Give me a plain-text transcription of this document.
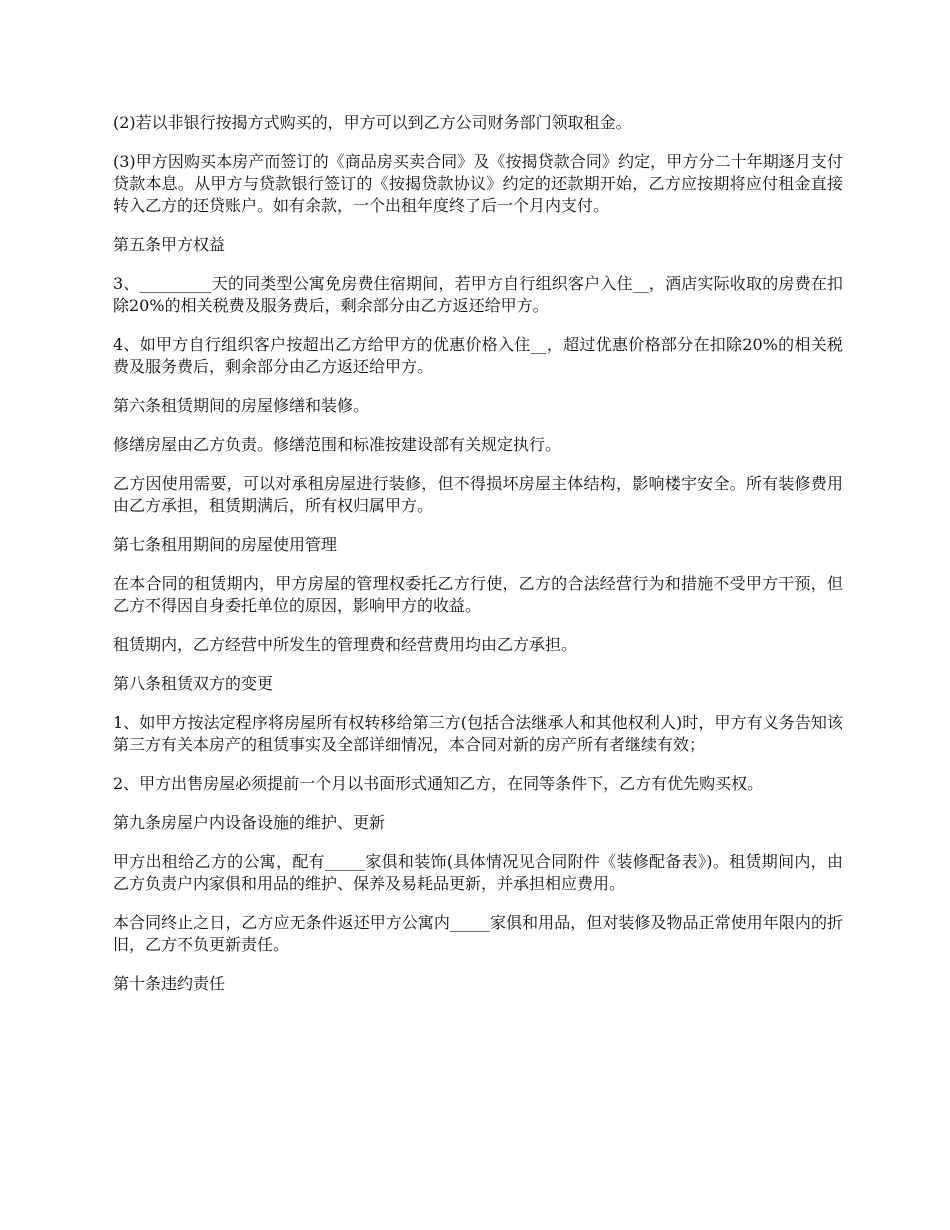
(2)若以非银行按揭方式购买的，甲方可以到乙方公司财务部门领取租金。

(3)甲方因购买本房产而签订的《商品房买卖合同》及《按揭贷款合同》约定，甲方分二十年期逐月支付贷款本息。从甲方与贷款银行签订的《按揭贷款协议》约定的还款期开始，乙方应按期将应付租金直接转入乙方的还贷账户。如有余款，一个出租年度终了后一个月内支付。

第五条甲方权益

3、_________天的同类型公寓免房费住宿期间，若甲方自行组织客户入住__，酒店实际收取的房费在扣除20%的相关税费及服务费后，剩余部分由乙方返还给甲方。

4、如甲方自行组织客户按超出乙方给甲方的优惠价格入住__，超过优惠价格部分在扣除20%的相关税费及服务费后，剩余部分由乙方返还给甲方。

第六条租赁期间的房屋修缮和装修。

修缮房屋由乙方负责。修缮范围和标准按建设部有关规定执行。

乙方因使用需要，可以对承租房屋进行装修，但不得损坏房屋主体结构，影响楼宇安全。所有装修费用由乙方承担，租赁期满后，所有权归属甲方。

第七条租用期间的房屋使用管理

在本合同的租赁期内，甲方房屋的管理权委托乙方行使，乙方的合法经营行为和措施不受甲方干预，但乙方不得因自身委托单位的原因，影响甲方的收益。

租赁期内，乙方经营中所发生的管理费和经营费用均由乙方承担。

第八条租赁双方的变更

1、如甲方按法定程序将房屋所有权转移给第三方(包括合法继承人和其他权利人)时，甲方有义务告知该第三方有关本房产的租赁事实及全部详细情况，本合同对新的房产所有者继续有效；

2、甲方出售房屋必须提前一个月以书面形式通知乙方，在同等条件下，乙方有优先购买权。

第九条房屋户内设备设施的维护、更新

甲方出租给乙方的公寓，配有_____家俱和装饰(具体情况见合同附件《装修配备表》)。租赁期间内，由乙方负责户内家俱和用品的维护、保养及易耗品更新，并承担相应费用。

本合同终止之日，乙方应无条件返还甲方公寓内_____家俱和用品，但对装修及物品正常使用年限内的折旧，乙方不负更新责任。

第十条违约责任
